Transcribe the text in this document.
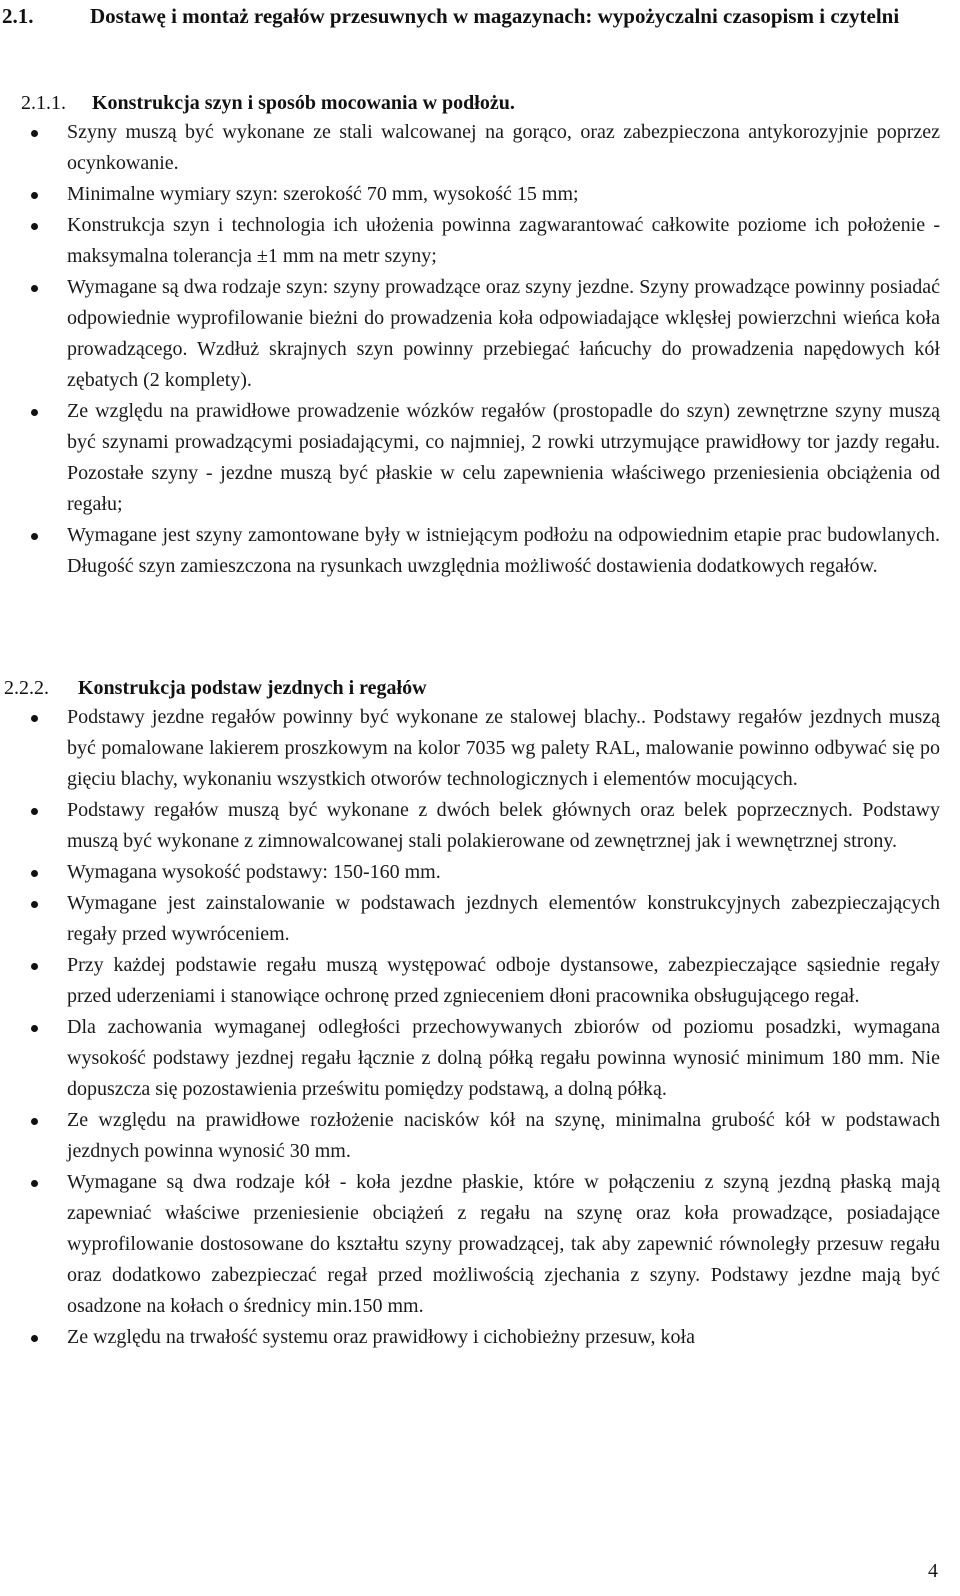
2.1.	Dostawę i montaż regałów przesuwnych w magazynach: wypożyczalni czasopism i czytelni
2.1.1. Konstrukcja szyn i sposób mocowania w podłożu.
Szyny muszą być wykonane ze stali walcowanej na gorąco, oraz zabezpieczona antykorozyjnie poprzez ocynkowanie.
Minimalne wymiary szyn: szerokość 70 mm, wysokość 15 mm;
Konstrukcja szyn i technologia ich ułożenia powinna zagwarantować całkowite poziome ich położenie - maksymalna tolerancja ±1 mm na metr szyny;
Wymagane są dwa rodzaje szyn: szyny prowadzące oraz szyny jezdne. Szyny prowadzące powinny posiadać odpowiednie wyprofilowanie bieżni do prowadzenia koła odpowiadające wklęsłej powierzchni wieńca koła prowadzącego. Wzdłuż skrajnych szyn powinny przebiegać łańcuchy do prowadzenia napędowych kół zębatych (2 komplety).
Ze względu na prawidłowe prowadzenie wózków regałów (prostopadle do szyn) zewnętrzne szyny muszą być szynami prowadzącymi posiadającymi, co najmniej, 2 rowki utrzymujące prawidłowy tor jazdy regału. Pozostałe szyny - jezdne muszą być płaskie w celu zapewnienia właściwego przeniesienia obciążenia od regału;
Wymagane jest szyny zamontowane były w istniejącym podłożu na odpowiednim etapie prac budowlanych. Długość szyn zamieszczona na rysunkach uwzględnia możliwość dostawienia dodatkowych regałów.
2.2.2. Konstrukcja podstaw jezdnych i regałów
Podstawy jezdne regałów powinny być wykonane ze stalowej blachy.. Podstawy regałów jezdnych muszą być pomalowane lakierem proszkowym na kolor 7035 wg palety RAL, malowanie powinno odbywać się po gięciu blachy, wykonaniu wszystkich otworów technologicznych i elementów mocujących.
Podstawy regałów muszą być wykonane z dwóch belek głównych oraz belek poprzecznych. Podstawy muszą być wykonane z zimnowalcowanej stali polakierowane od zewnętrznej jak i wewnętrznej strony.
Wymagana wysokość podstawy: 150-160 mm.
Wymagane jest zainstalowanie w podstawach jezdnych elementów konstrukcyjnych zabezpieczających regały przed wywróceniem.
Przy każdej podstawie regału muszą występować odboje dystansowe, zabezpieczające sąsiednie regały przed uderzeniami i stanowiące ochronę przed zgnieceniem dłoni pracownika obsługującego regał.
Dla zachowania wymaganej odległości przechowywanych zbiorów od poziomu posadzki, wymagana wysokość podstawy jezdnej regału łącznie z dolną półką regału powinna wynosić minimum 180 mm. Nie dopuszcza się pozostawienia prześwitu pomiędzy podstawą, a dolną półką.
Ze względu na prawidłowe rozłożenie nacisków kół na szynę, minimalna grubość kół w podstawach jezdnych powinna wynosić 30 mm.
Wymagane są dwa rodzaje kół - koła jezdne płaskie, które w połączeniu z szyną jezdną płaską mają zapewniać właściwe przeniesienie obciążeń z regału na szynę oraz koła prowadzące, posiadające wyprofilowanie dostosowane do kształtu szyny prowadzącej, tak aby zapewnić równoległy przesuw regału oraz dodatkowo zabezpieczać regał przed możliwością zjechania z szyny. Podstawy jezdne mają być osadzone na kołach o średnicy min.150 mm.
Ze względu na trwałość systemu oraz prawidłowy i cichobieżny przesuw, koła
4
